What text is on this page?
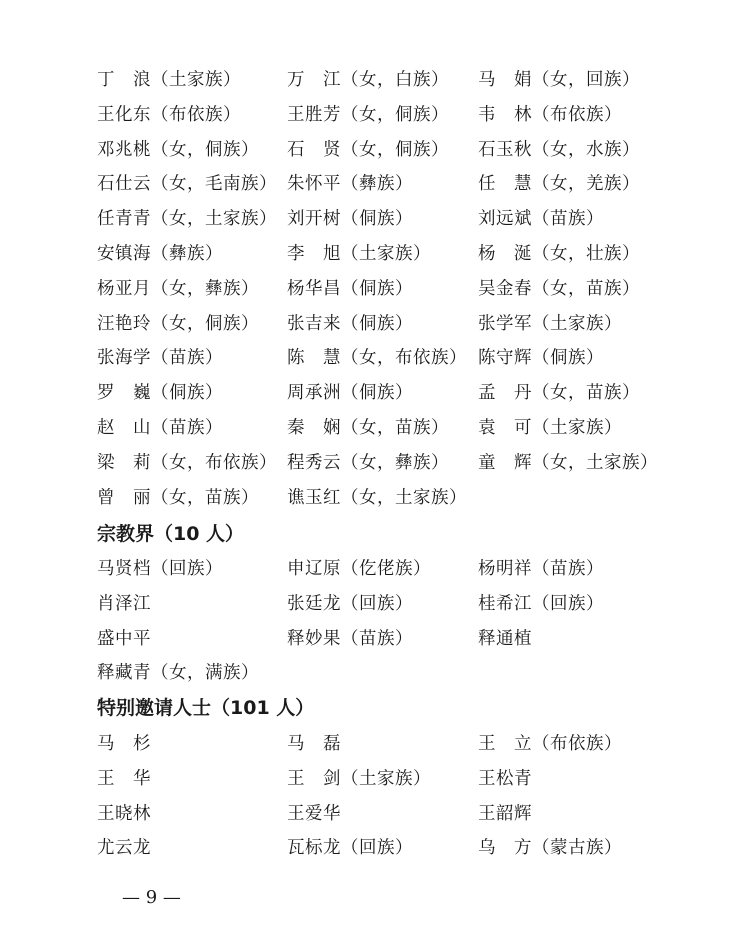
丁　浪（土家族）	万　江（女，白族） 马　娟（女，回族）
王化东（布依族）	王胜芳（女，侗族） 韦　林（布依族）
邓兆桃（女，侗族） 石　贤（女，侗族） 石玉秋（女，水族）
石仕云（女，毛南族） 朱怀平（彝族）	任　慧（女，羌族）
任青青（女，土家族） 刘开树（侗族）	刘远斌（苗族）
安镇海（彝族）	李　旭（土家族）	杨　涎（女，壮族）
杨亚月（女，彝族） 杨华昌（侗族）	吴金春（女，苗族）
汪艳玲（女，侗族） 张吉来（侗族）	张学军（土家族）
张海学（苗族）	陈　慧（女，布依族） 陈守辉（侗族）
罗　巍（侗族）	周承洲（侗族）	孟　丹（女，苗族）
赵　山（苗族）	秦　娴（女，苗族） 袁　可（土家族）
梁　莉（女，布依族） 程秀云（女，彝族） 童　辉（女，土家族）
曾　丽（女，苗族） 谯玉红（女，土家族）
宗教界（10 人）
马贤档（回族）	申辽原（仡佬族）	杨明祥（苗族）
肖泽江	张廷龙（回族）	桂希江（回族）
盛中平	释妙果（苗族）	释通植
释藏青（女，满族）
特别邀请人士（101 人）
马　杉	马　磊	王　立（布依族）
王　华	王　剑（土家族）	王松青
王晓林	王爱华	王韶辉
尤云龙	瓦标龙（回族）	乌　方（蒙古族）
— 9 —
